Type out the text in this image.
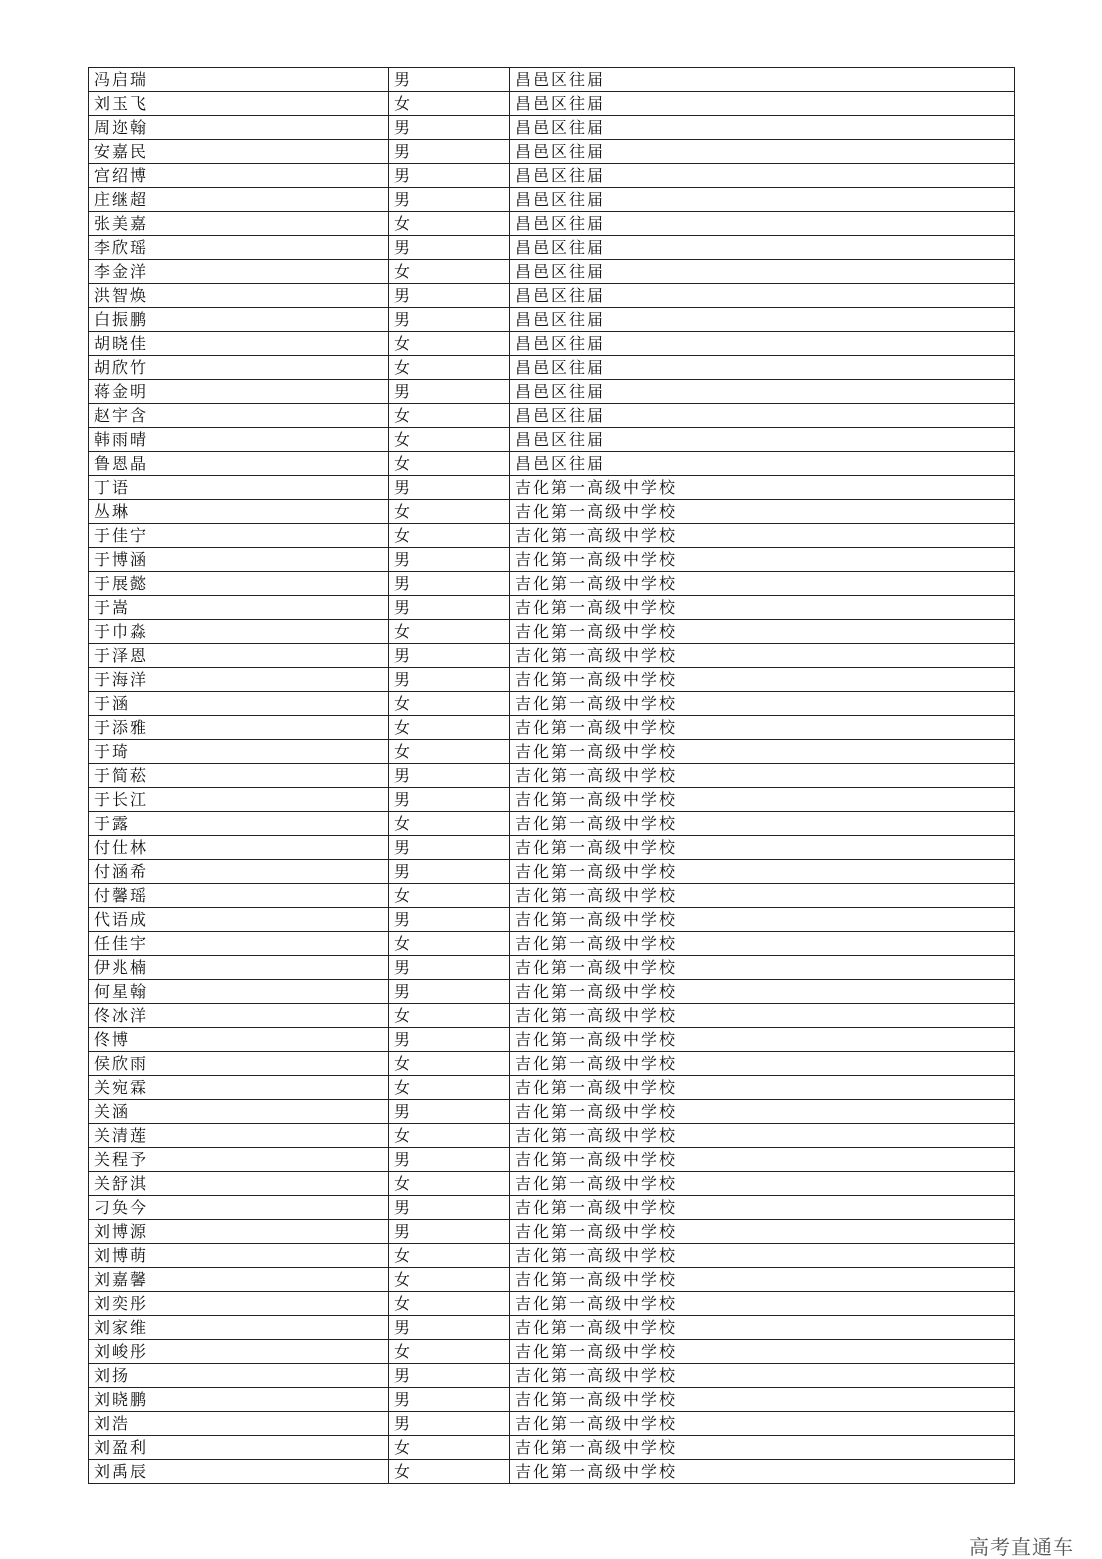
冯启瑞	男	昌邑区往届
刘玉飞	女	昌邑区往届
周迩翰	男	昌邑区往届
安嘉民	男	昌邑区往届
宫绍博	男	昌邑区往届
庄继超	男	昌邑区往届
张美嘉	女	昌邑区往届
李欣瑶	男	昌邑区往届
李金洋	女	昌邑区往届
洪智焕	男	昌邑区往届
白振鹏	男	昌邑区往届
胡晓佳	女	昌邑区往届
胡欣竹	女	昌邑区往届
蒋金明	男	昌邑区往届
赵宇含	女	昌邑区往届
韩雨晴	女	昌邑区往届
鲁恩晶	女	昌邑区往届
丁语	男	吉化第一高级中学校
丛琳	女	吉化第一高级中学校
于佳宁	女	吉化第一高级中学校
于博涵	男	吉化第一高级中学校
于展懿	男	吉化第一高级中学校
于嵩	男	吉化第一高级中学校
于巾淼	女	吉化第一高级中学校
于泽恩	男	吉化第一高级中学校
于海洋	男	吉化第一高级中学校
于涵	女	吉化第一高级中学校
于添雅	女	吉化第一高级中学校
于琦	女	吉化第一高级中学校
于简菘	男	吉化第一高级中学校
于长江	男	吉化第一高级中学校
于露	女	吉化第一高级中学校
付仕林	男	吉化第一高级中学校
付涵希	男	吉化第一高级中学校
付馨瑶	女	吉化第一高级中学校
代语成	男	吉化第一高级中学校
任佳宇	女	吉化第一高级中学校
伊兆楠	男	吉化第一高级中学校
何星翰	男	吉化第一高级中学校
佟冰洋	女	吉化第一高级中学校
佟博	男	吉化第一高级中学校
侯欣雨	女	吉化第一高级中学校
关宛霖	女	吉化第一高级中学校
关涵	男	吉化第一高级中学校
关清莲	女	吉化第一高级中学校
关程予	男	吉化第一高级中学校
关舒淇	女	吉化第一高级中学校
刁奂今	男	吉化第一高级中学校
刘博源	男	吉化第一高级中学校
刘博萌	女	吉化第一高级中学校
刘嘉馨	女	吉化第一高级中学校
刘奕彤	女	吉化第一高级中学校
刘家维	男	吉化第一高级中学校
刘峻彤	女	吉化第一高级中学校
刘扬	男	吉化第一高级中学校
刘晓鹏	男	吉化第一高级中学校
刘浩	男	吉化第一高级中学校
刘盈利	女	吉化第一高级中学校
刘禹辰	女	吉化第一高级中学校
高考直通车
